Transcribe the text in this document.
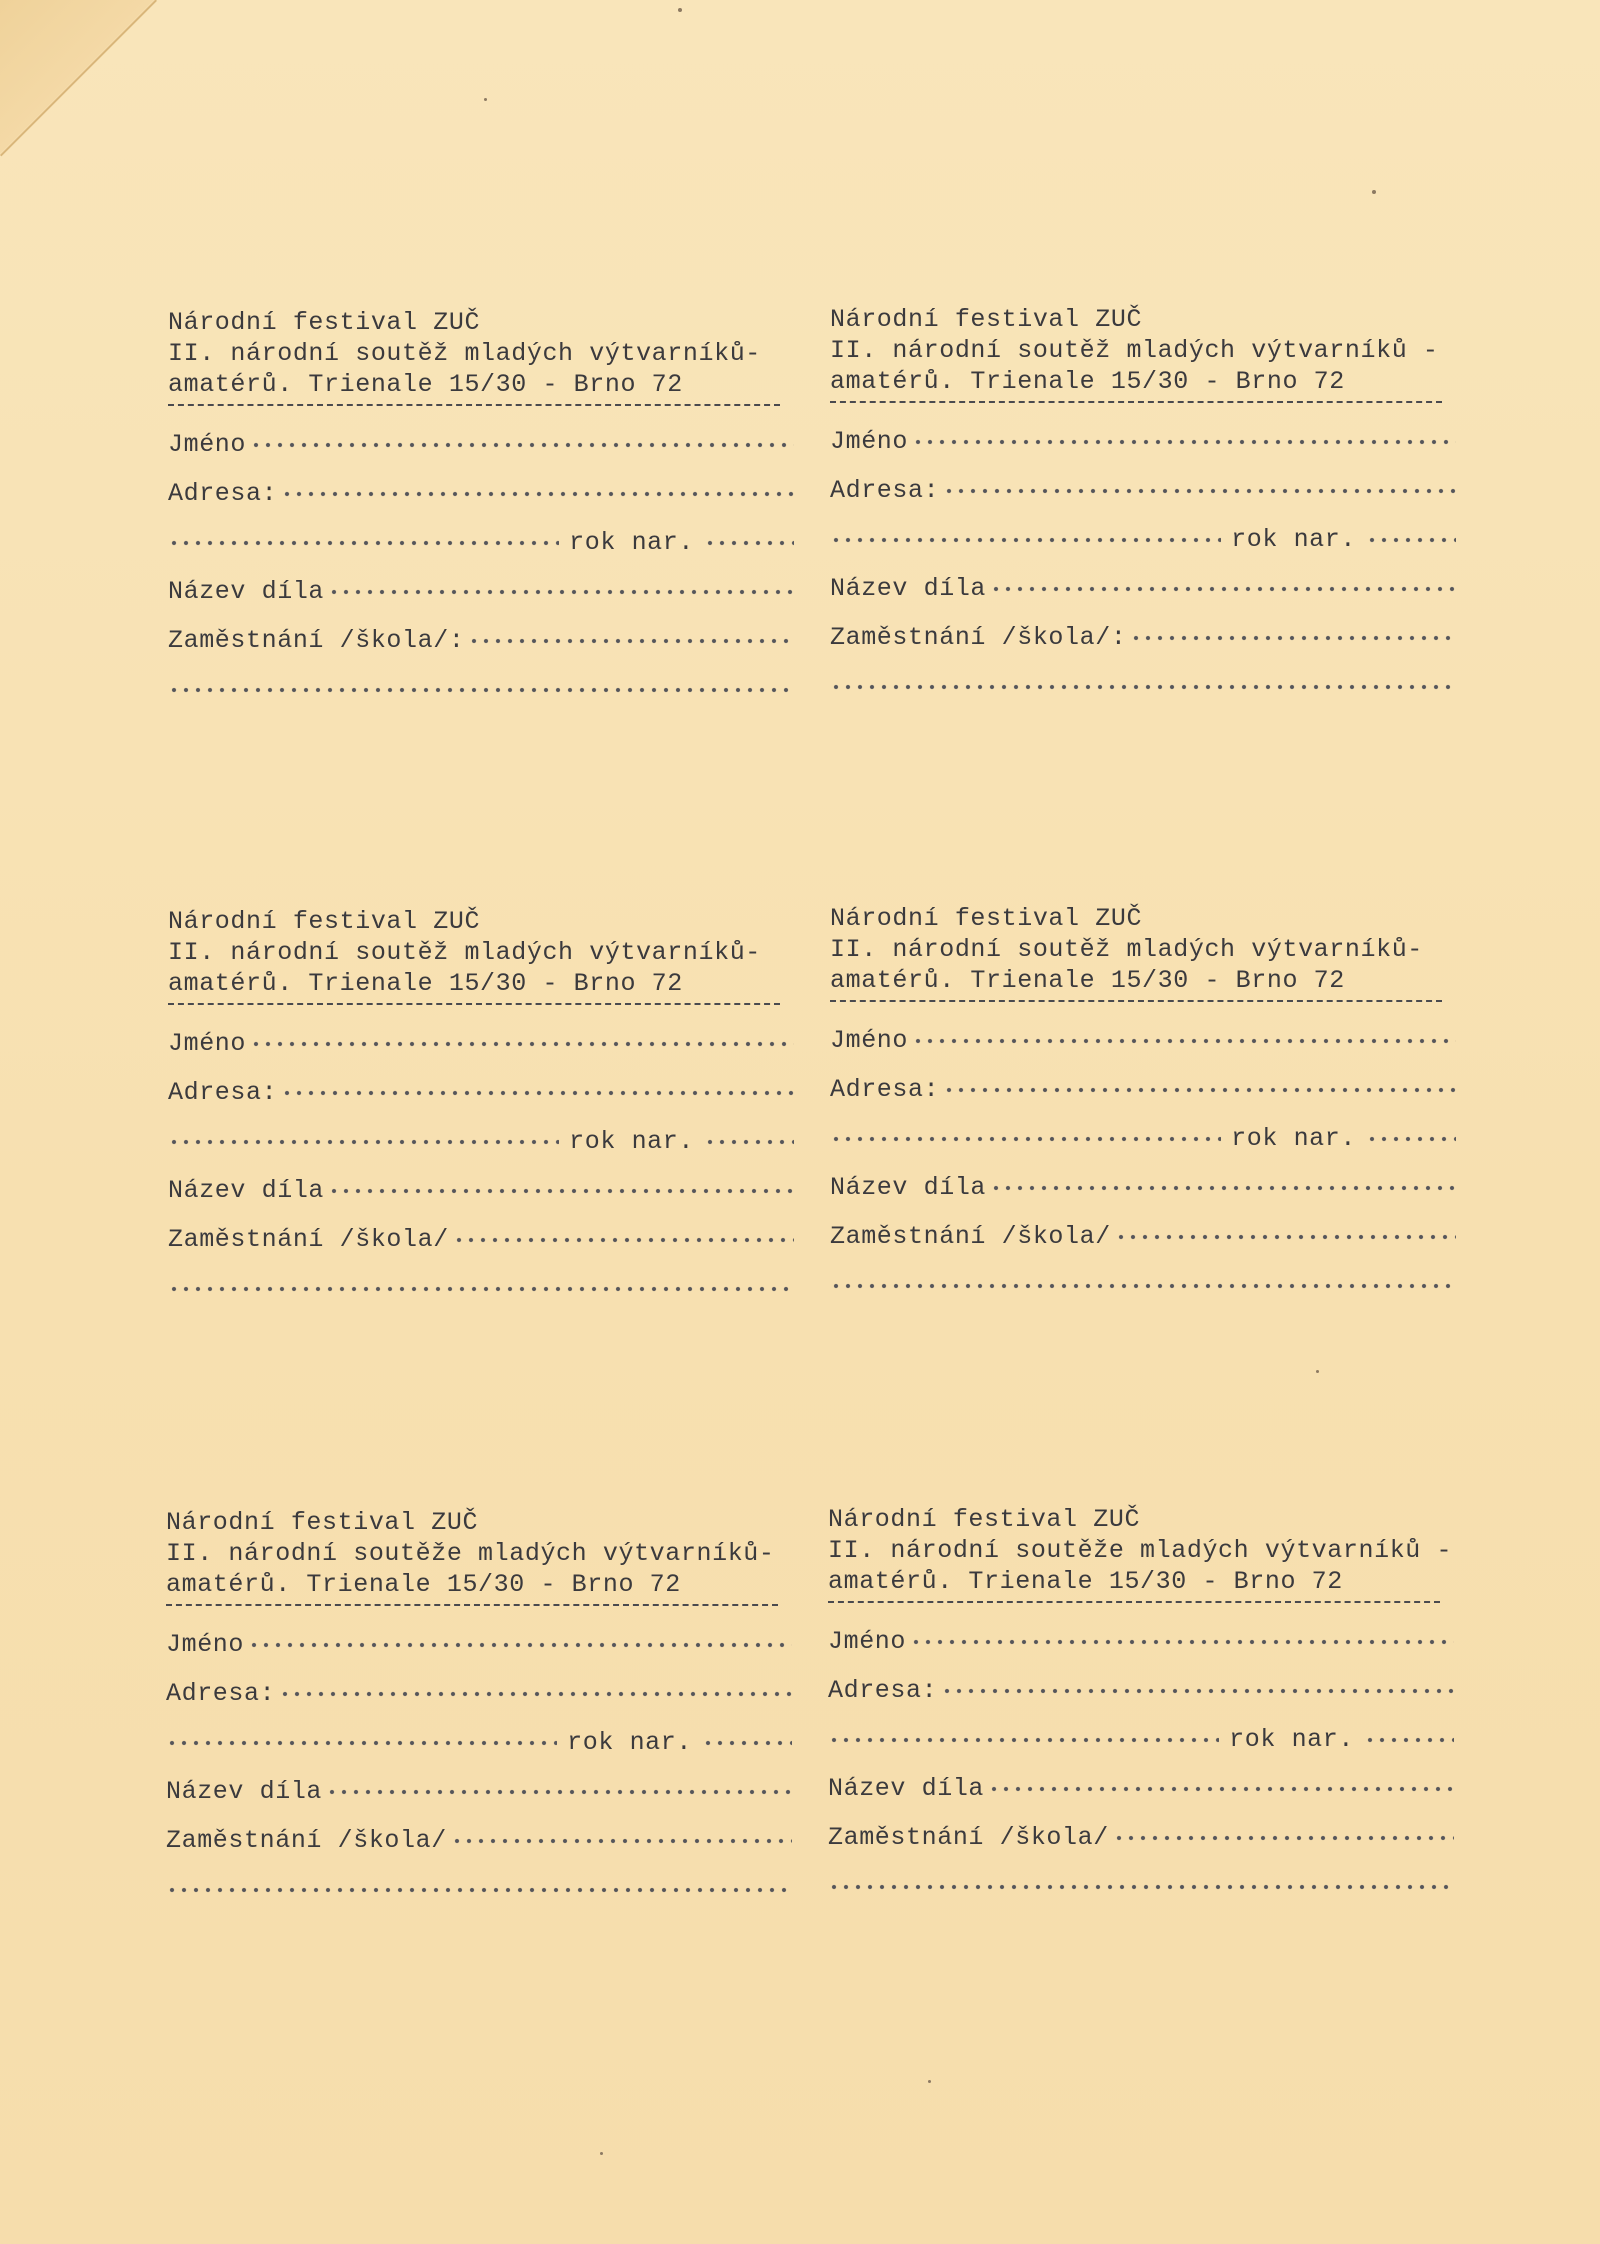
Národní festival ZUČ

II. národní soutěž mladých výtvarníků-

amatérů. Trienale 15/30 - Brno 72

Jméno
Adresa:
rok nar.
Název díla
Zaměstnání /škola/:

Národní festival ZUČ

II. národní soutěž mladých výtvarníků -

amatérů. Trienale 15/30 - Brno 72

Jméno
Adresa:
rok nar.
Název díla
Zaměstnání /škola/:

Národní festival ZUČ

II. národní soutěž mladých výtvarníků-

amatérů. Trienale 15/30 - Brno 72

Jméno
Adresa:
rok nar.
Název díla
Zaměstnání /škola/

Národní festival ZUČ

II. národní soutěž mladých výtvarníků-

amatérů. Trienale 15/30 - Brno 72

Jméno
Adresa:
rok nar.
Název díla
Zaměstnání /škola/

Národní festival ZUČ

II. národní soutěže mladých výtvarníků-

amatérů. Trienale 15/30 - Brno 72

Jméno
Adresa:
rok nar.
Název díla
Zaměstnání /škola/

Národní festival ZUČ

II. národní soutěže mladých výtvarníků -

amatérů. Trienale 15/30 - Brno 72

Jméno
Adresa:
rok nar.
Název díla
Zaměstnání /škola/
